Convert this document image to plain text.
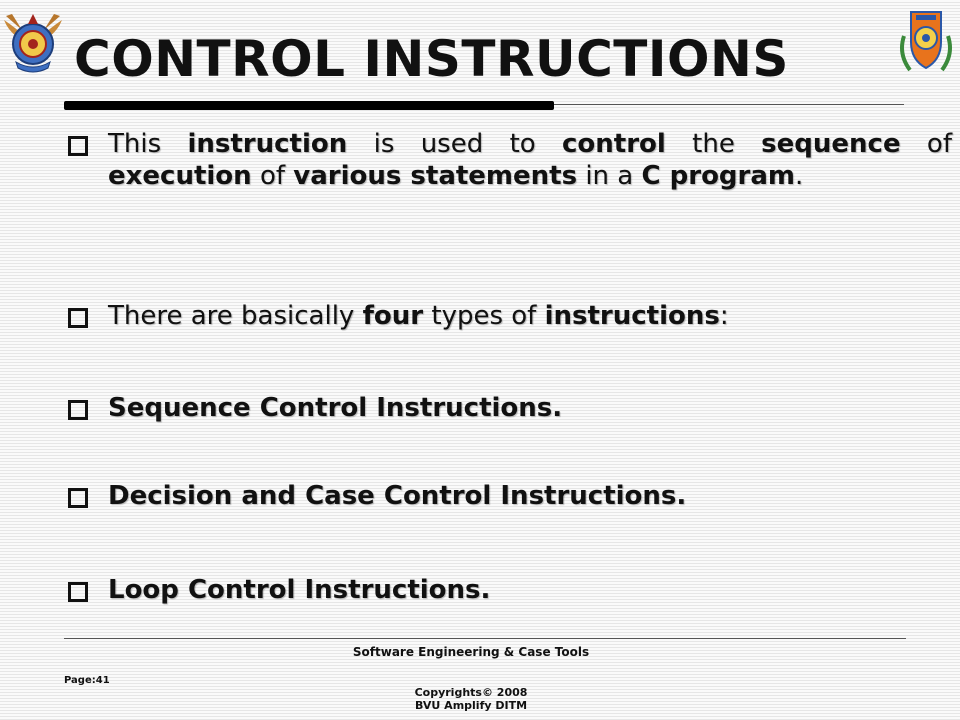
CONTROL INSTRUCTIONS
This instruction is used to control the sequence of execution of various statements in a C program.
There are basically four types of instructions:
Sequence Control Instructions.
Decision and Case Control Instructions.
Loop Control Instructions.
Software Engineering & Case Tools
Page:41
Copyrights© 2008
BVU Amplify DITM
